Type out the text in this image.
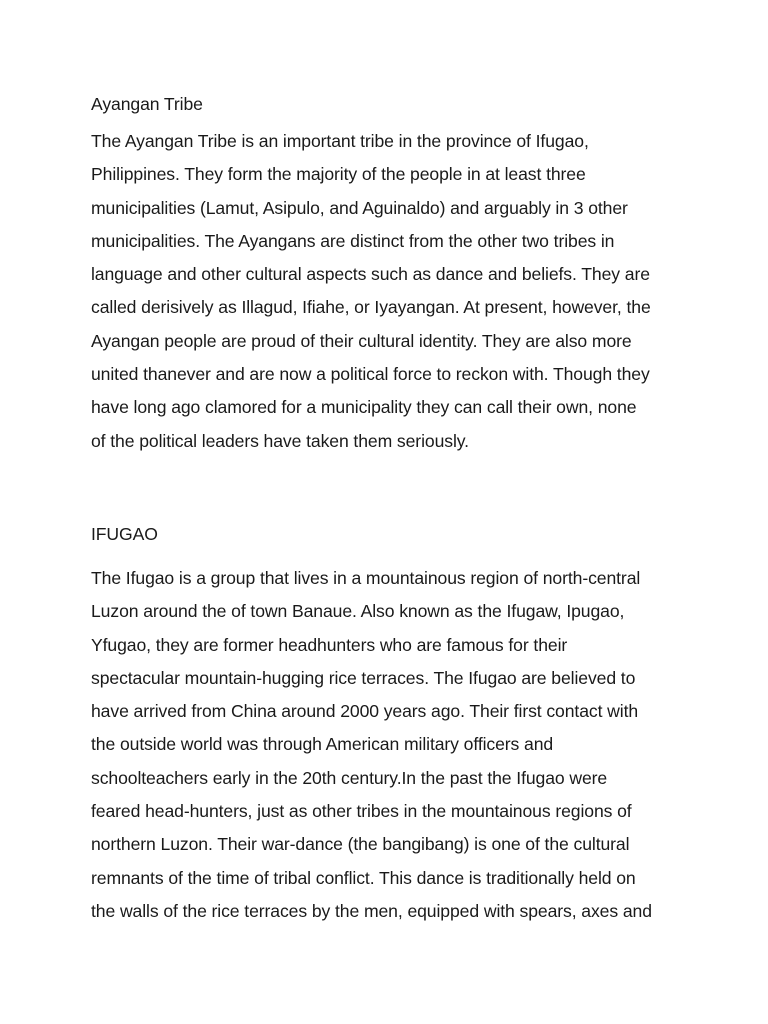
Ayangan Tribe
The Ayangan Tribe is an important tribe in the province of Ifugao,
Philippines. They form the majority of the people in at least three
municipalities (Lamut, Asipulo, and Aguinaldo) and arguably in 3 other
municipalities. The Ayangans are distinct from the other two tribes in
language and other cultural aspects such as dance and beliefs. They are
called derisively as Illagud, Ifiahe, or Iyayangan. At present, however, the
Ayangan people are proud of their cultural identity. They are also more
united thanever and are now a political force to reckon with. Though they
have long ago clamored for a municipality they can call their own, none
of the political leaders have taken them seriously.
IFUGAO
The Ifugao is a group that lives in a mountainous region of north-central
Luzon around the of town Banaue. Also known as the Ifugaw, Ipugao,
Yfugao, they are former headhunters who are famous for their
spectacular mountain-hugging rice terraces. The Ifugao are believed to
have arrived from China around 2000 years ago. Their first contact with
the outside world was through American military officers and
schoolteachers early in the 20th century.In the past the Ifugao were
feared head-hunters, just as other tribes in the mountainous regions of
northern Luzon. Their war-dance (the bangibang) is one of the cultural
remnants of the time of tribal conflict. This dance is traditionally held on
the walls of the rice terraces by the men, equipped with spears, axes and
